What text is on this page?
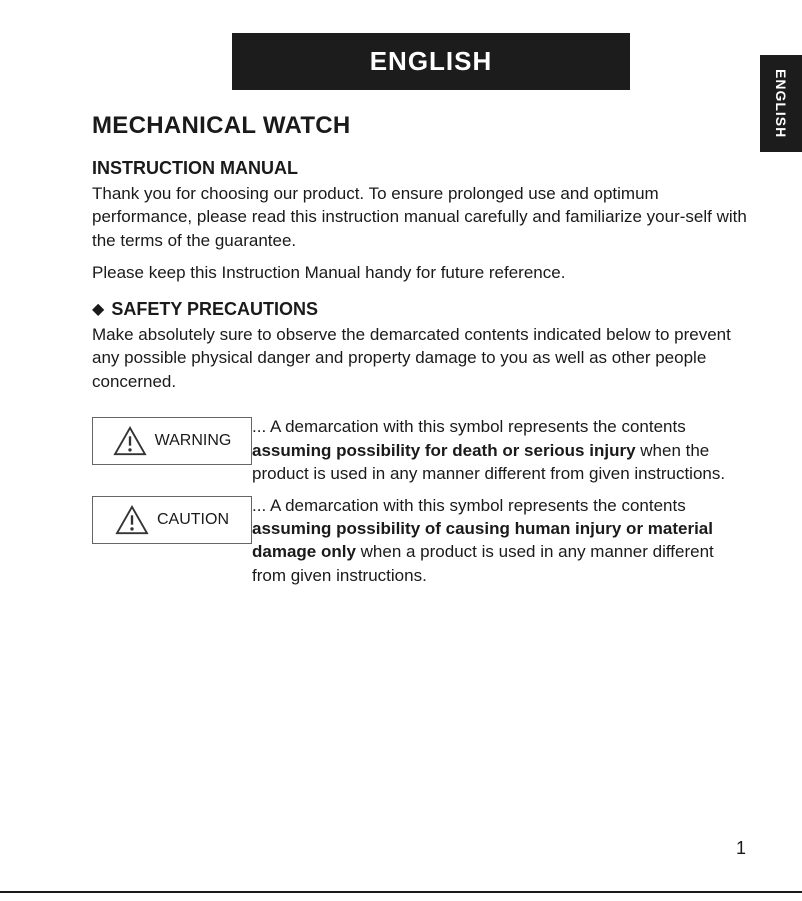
ENGLISH
ENGLISH
MECHANICAL WATCH
INSTRUCTION MANUAL

Thank you for choosing our product. To ensure prolonged use and optimum performance, please read this instruction manual carefully and familiarize your-self with the terms of the guarantee.

Please keep this Instruction Manual handy for future reference.

◆ SAFETY PRECAUTIONS

Make absolutely sure to observe the demarcated contents indicated below to prevent any possible physical danger and property damage to you as well as other people concerned.

WARNING

... A demarcation with this symbol represents the contents assuming possibility for death or serious injury when the product is used in any manner different from given instructions.

CAUTION

... A demarcation with this symbol represents the contents assuming possibility of causing human injury or material damage only when a product is used in any manner different from given instructions.

1
